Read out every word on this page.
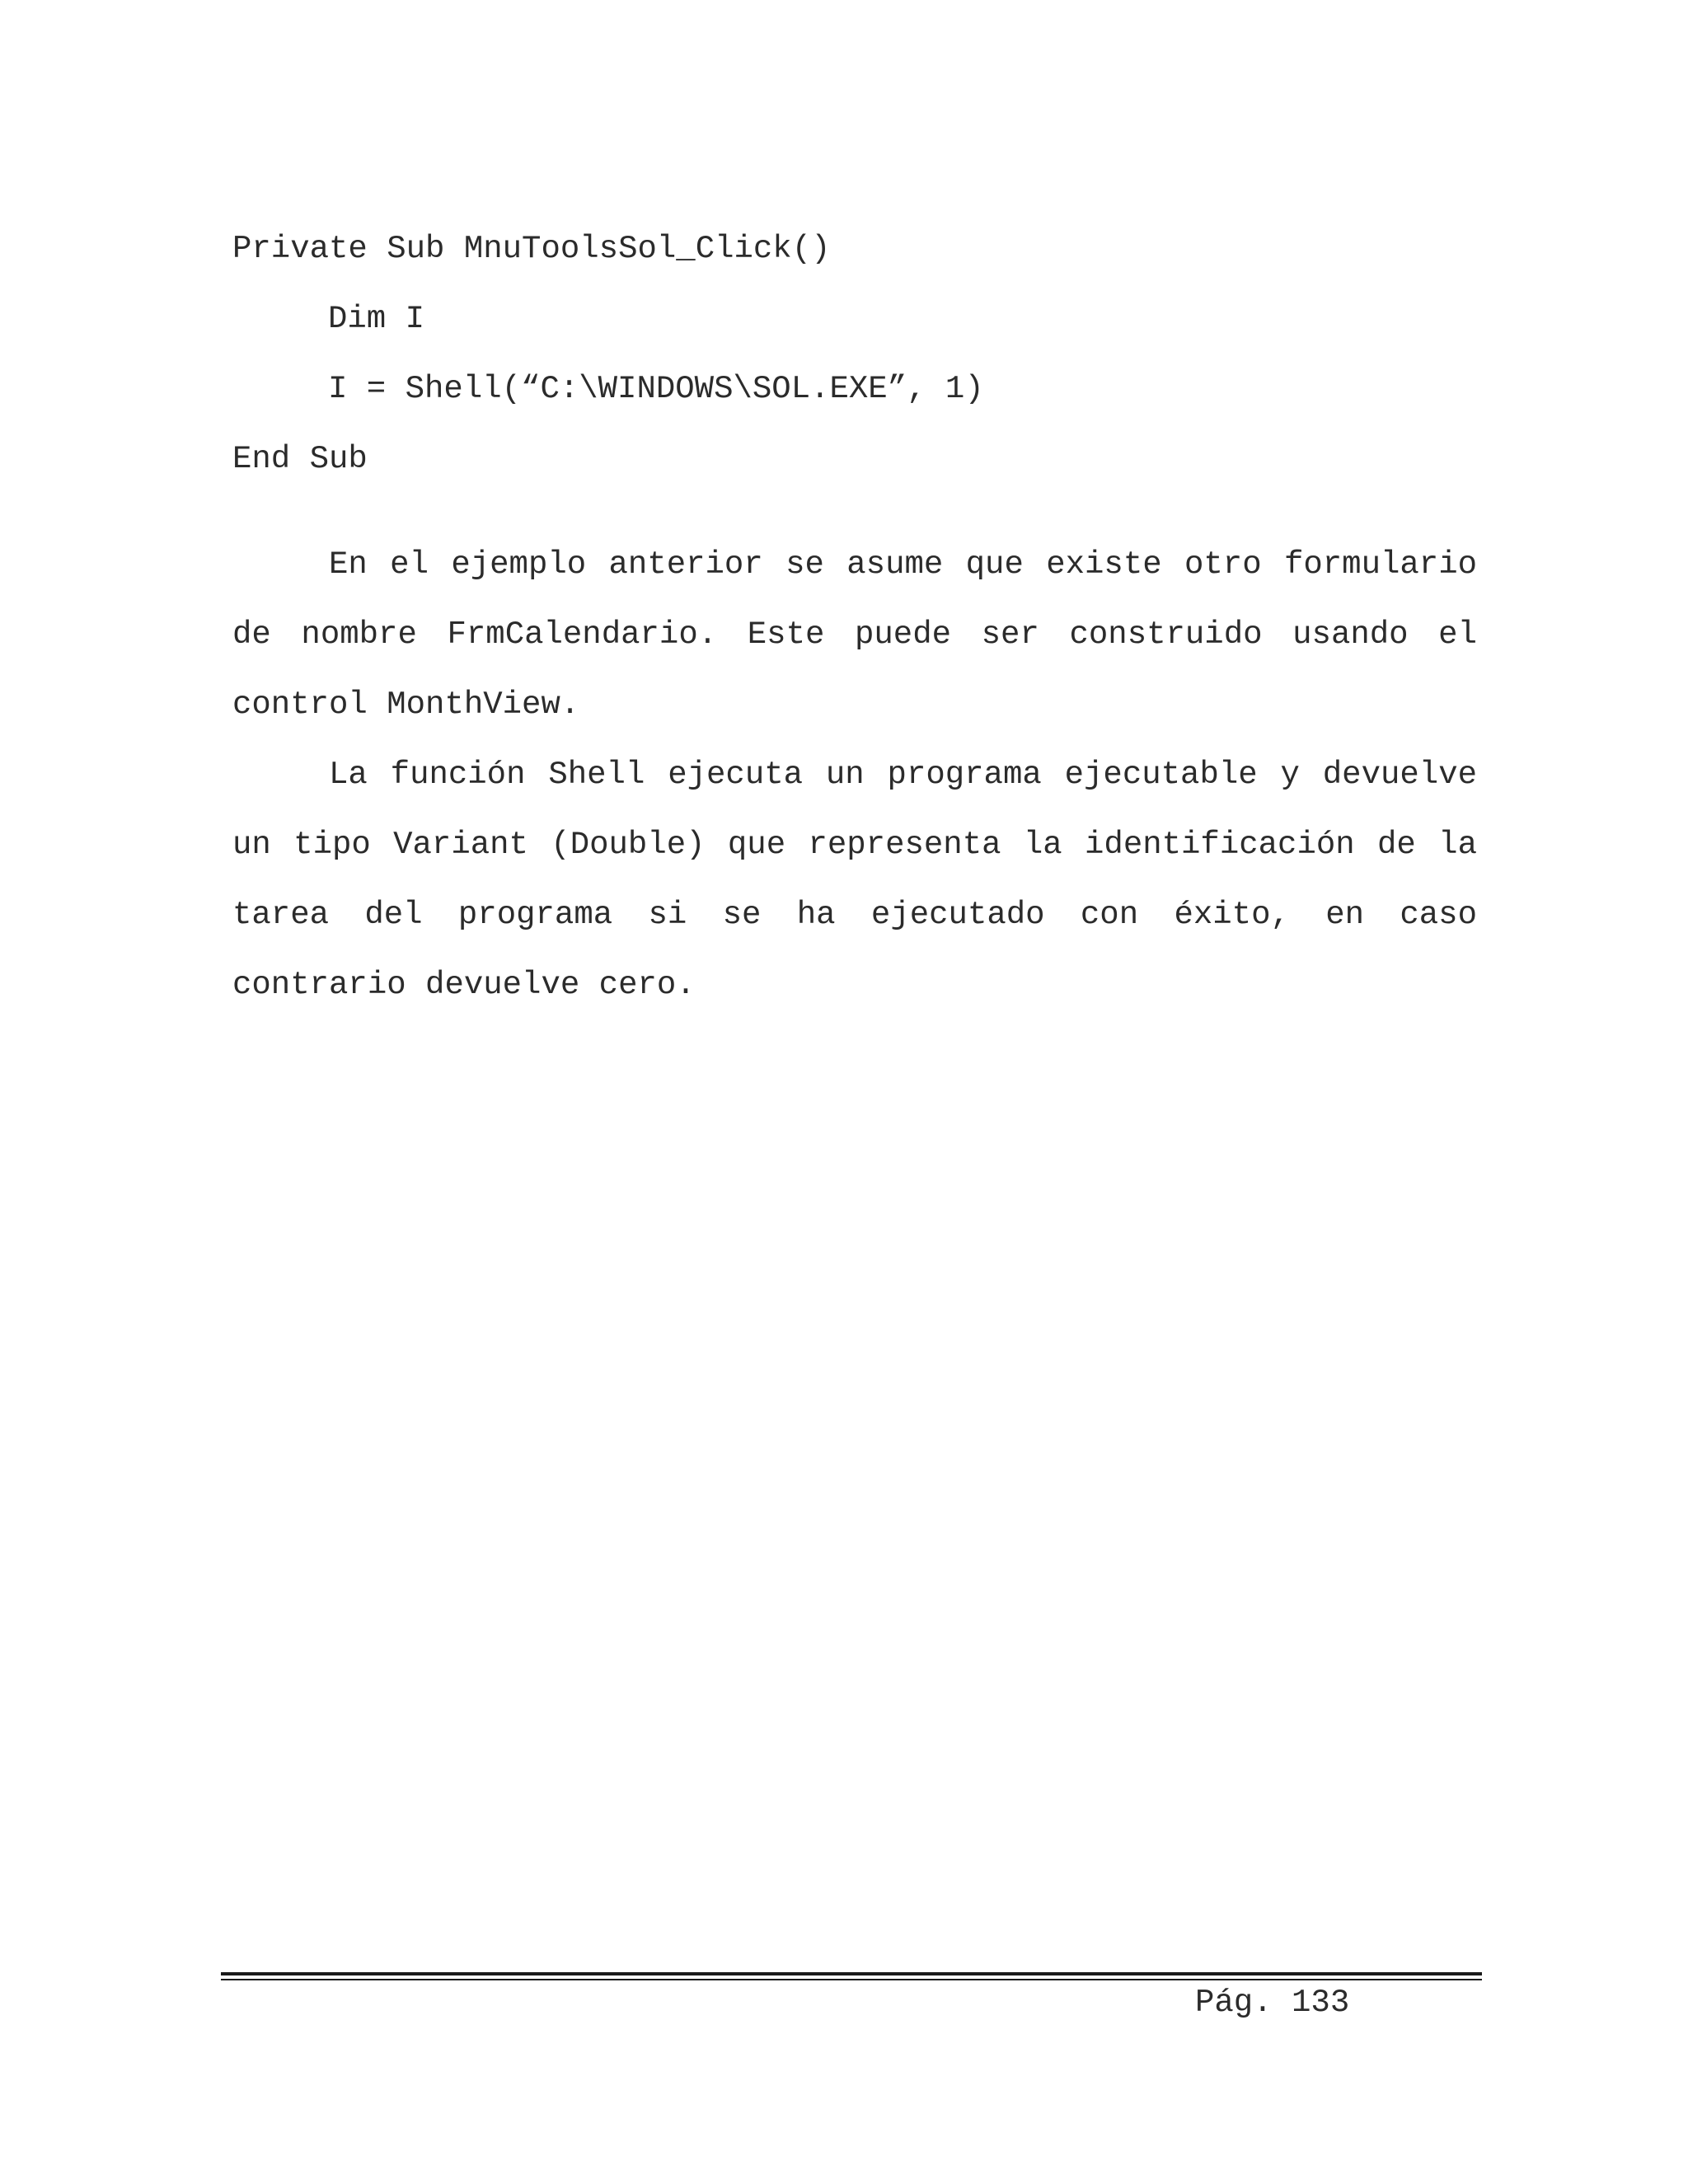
Private Sub MnuToolsSol_Click()
Dim I
I = Shell(“C:\WINDOWS\SOL.EXE”, 1)
End Sub

En el ejemplo anterior se asume que existe otro formulario de nombre FrmCalendario. Este puede ser construido usando el control MonthView.

La función Shell ejecuta un programa ejecutable y devuelve un tipo Variant (Double) que representa la identificación de la tarea del programa si se ha ejecutado con éxito, en caso contrario devuelve cero.

Pág. 133
